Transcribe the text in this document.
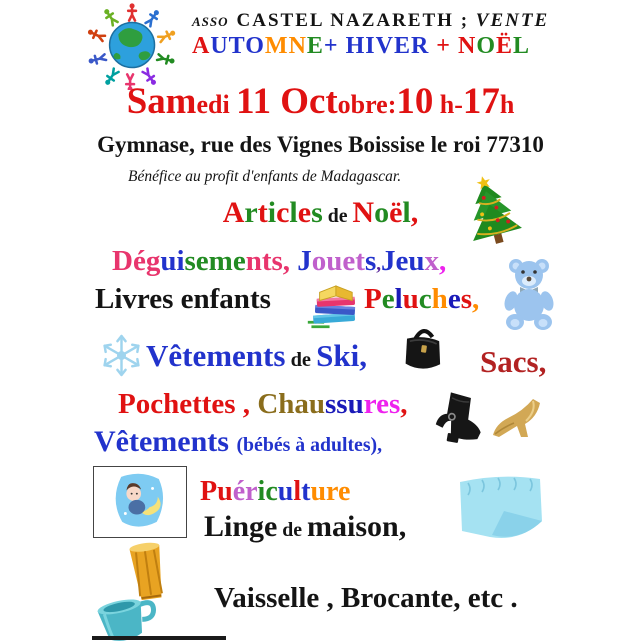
ASSO CASTEL NAZARETH ; VENTE
AUTOMNE+ HIVER + NOËL
Samedi 11 Octobre:10 h-17h
Gymnase, rue des Vignes Boissise le roi 77310
Bénéfice au profit d'enfants de Madagascar.
Articles de Noël,
Déguisements, Jouets,Jeux,
Livres enfants	Peluches,
Vêtements de Ski,	Sacs,
Pochettes , Chaussures,
Vêtements (bébés à adultes),
Puériculture
Linge de maison,
Vaisselle , Brocante, etc .
